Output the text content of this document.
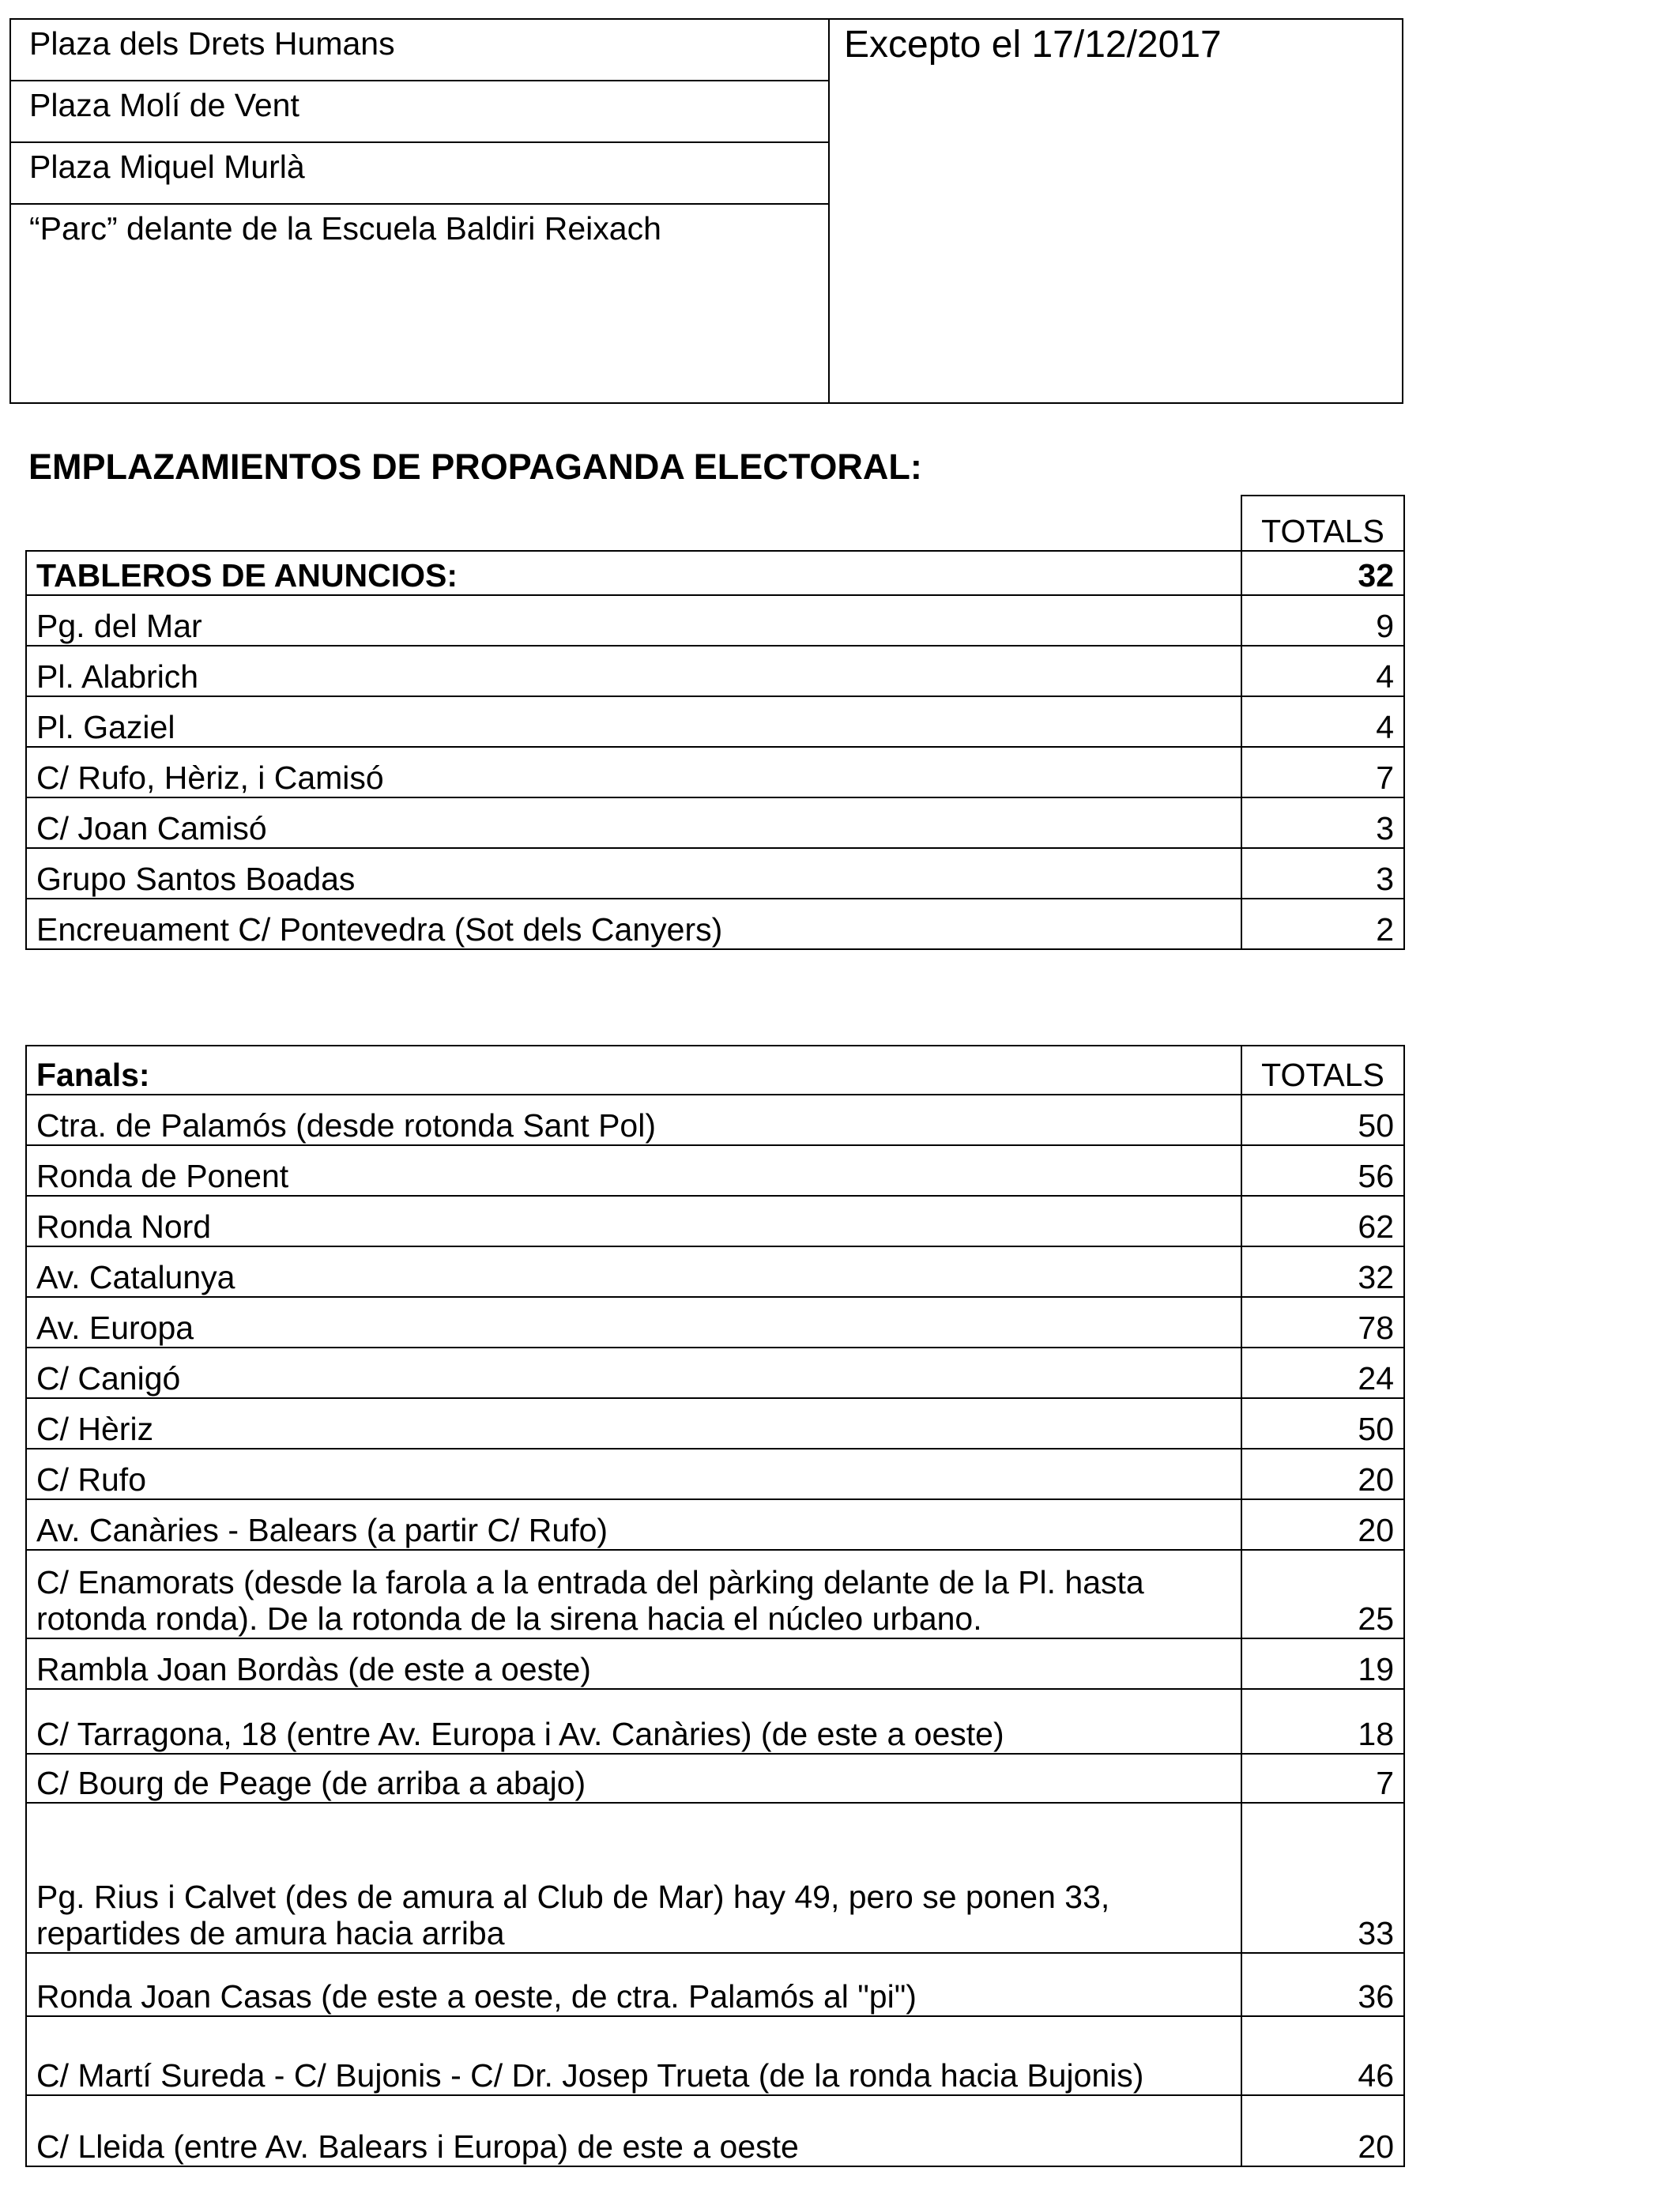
Plaza dels Drets Humans
Plaza Molí de Vent
Plaza Miquel Murlà
“Parc” delante de la Escuela Baldiri Reixach
Excepto el 17/12/2017
EMPLAZAMIENTOS DE PROPAGANDA ELECTORAL:
	TOTALS
TABLEROS DE ANUNCIOS:	32
Pg. del Mar	9
Pl. Alabrich	4
Pl. Gaziel	4
C/ Rufo, Hèriz, i Camisó	7
C/ Joan Camisó	3
Grupo Santos Boadas	3
Encreuament C/ Pontevedra (Sot dels Canyers)	2
Fanals:	TOTALS
Ctra. de Palamós (desde rotonda Sant Pol)	50
Ronda de Ponent	56
Ronda Nord	62
Av. Catalunya	32
Av. Europa	78
C/ Canigó	24
C/ Hèriz	50
C/ Rufo	20
Av. Canàries - Balears (a partir C/ Rufo)	20
C/ Enamorats (desde la farola a la entrada del pàrking delante de la Pl. hasta rotonda ronda). De la rotonda de la sirena hacia el núcleo urbano.	25
Rambla Joan Bordàs (de este a oeste)	19
C/ Tarragona, 18 (entre Av. Europa i Av. Canàries) (de este a oeste)	18
C/ Bourg de Peage (de arriba a abajo)	7
Pg. Rius i Calvet (des de amura al Club de Mar) hay 49, pero se ponen 33, repartides de amura hacia arriba	33
Ronda Joan Casas (de este a oeste, de ctra. Palamós al "pi")	36
C/ Martí Sureda - C/ Bujonis - C/ Dr. Josep Trueta (de la ronda hacia Bujonis)	46
C/ Lleida (entre Av. Balears i Europa) de este a oeste	20
